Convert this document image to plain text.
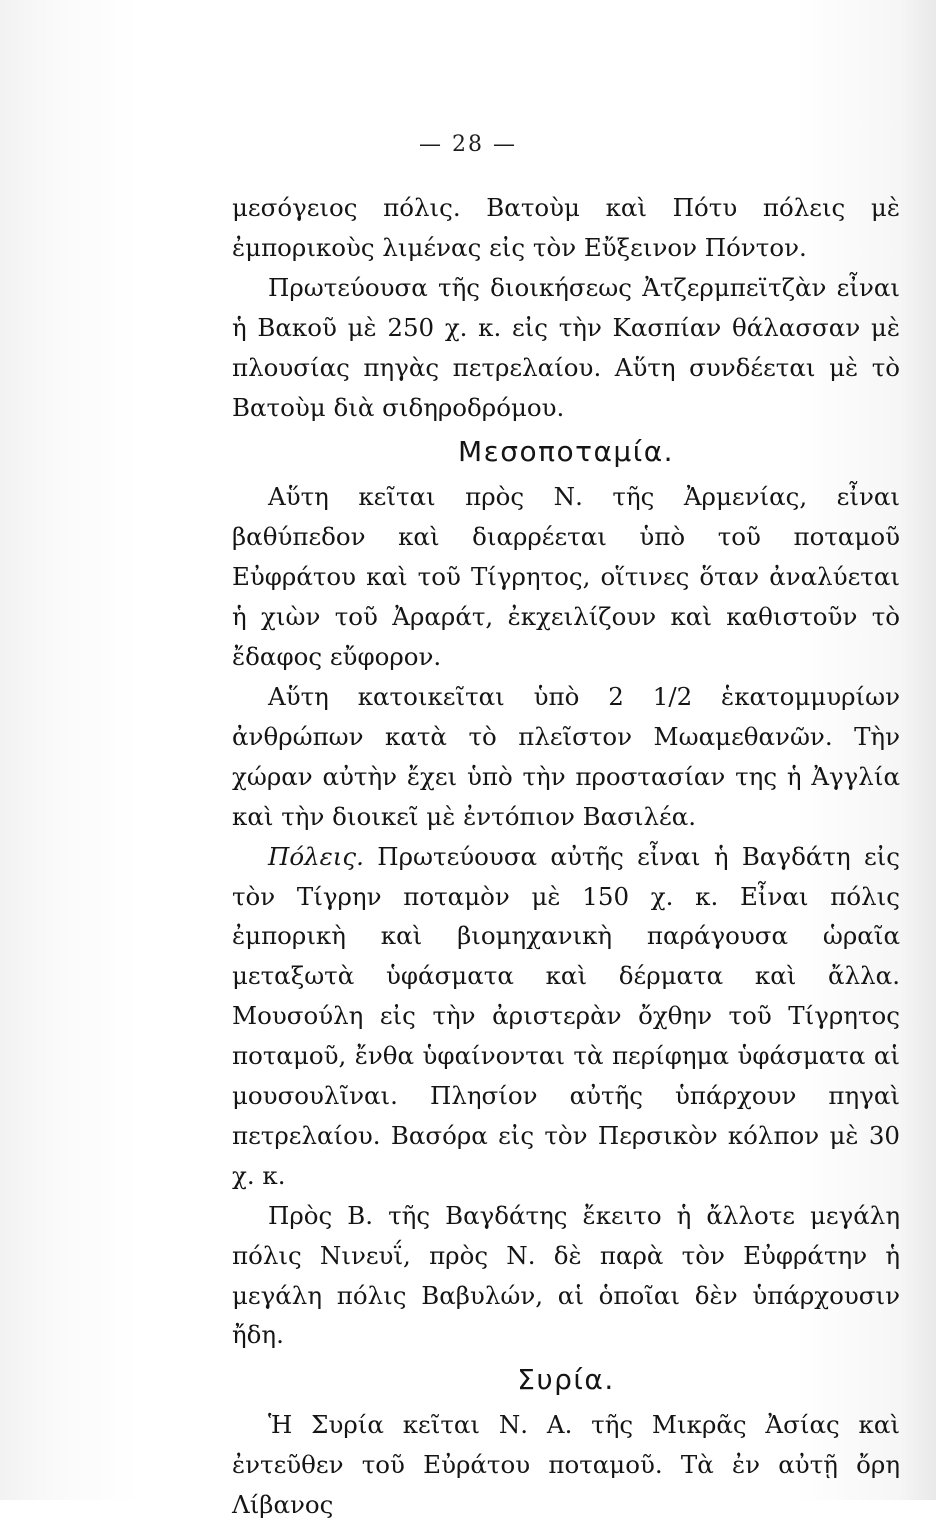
— 28 —

μεσόγειος πόλις. Βατοὺμ καὶ Πότυ πόλεις μὲ ἐμπορικοὺς λιμένας εἰς τὸν Εὔξεινον Πόντον.

Πρωτεύουσα τῆς διοικήσεως Ἀτζερμπεϊτζὰν εἶναι ἡ Βακοῦ μὲ 250 χ. κ. εἰς τὴν Κασπίαν θάλασσαν μὲ πλουσίας πηγὰς πετρελαίου. Αὕτη συνδέεται μὲ τὸ Βατοὺμ διὰ σιδηροδρόμου.

Μεσοποταμία.

Αὕτη κεῖται πρὸς Ν. τῆς Ἀρμενίας, εἶναι βαθύπεδον καὶ διαρρέεται ὑπὸ τοῦ ποταμοῦ Εὐφράτου καὶ τοῦ Τίγρητος, οἵτινες ὅταν ἀναλύεται ἡ χιὼν τοῦ Ἀραράτ, ἐκχειλίζουν καὶ καθιστοῦν τὸ ἔδαφος εὔφορον.

Αὕτη κατοικεῖται ὑπὸ 2 1/2 ἑκατομμυρίων ἀνθρώπων κατὰ τὸ πλεῖστον Μωαμεθανῶν. Τὴν χώραν αὐτὴν ἔχει ὑπὸ τὴν προστασίαν της ἡ Ἀγγλία καὶ τὴν διοικεῖ μὲ ἐντόπιον Βασιλέα.

Πόλεις. Πρωτεύουσα αὐτῆς εἶναι ἡ Βαγδάτη εἰς τὸν Τίγρην ποταμὸν μὲ 150 χ. κ. Εἶναι πόλις ἐμπορικὴ καὶ βιομηχανικὴ παράγουσα ὡραῖα μεταξωτὰ ὑφάσματα καὶ δέρματα καὶ ἄλλα. Μουσούλη εἰς τὴν ἀριστερὰν ὄχθην τοῦ Τίγρητος ποταμοῦ, ἔνθα ὑφαίνονται τὰ περίφημα ὑφάσματα αἱ μουσουλῖναι. Πλησίον αὐτῆς ὑπάρχουν πηγαὶ πετρελαίου. Βασόρα εἰς τὸν Περσικὸν κόλπον μὲ 30 χ. κ.

Πρὸς Β. τῆς Βαγδάτης ἔκειτο ἡ ἄλλοτε μεγάλη πόλις Νινευΐ, πρὸς Ν. δὲ παρὰ τὸν Εὐφράτην ἡ μεγάλη πόλις Βαβυλών, αἱ ὁποῖαι δὲν ὑπάρχουσιν ἤδη.

Συρία.

Ἡ Συρία κεῖται Ν. Α. τῆς Μικρᾶς Ἀσίας καὶ ἐντεῦθεν τοῦ Εὐράτου ποταμοῦ. Τὰ ἐν αὐτῇ ὄρη Λίβανος
